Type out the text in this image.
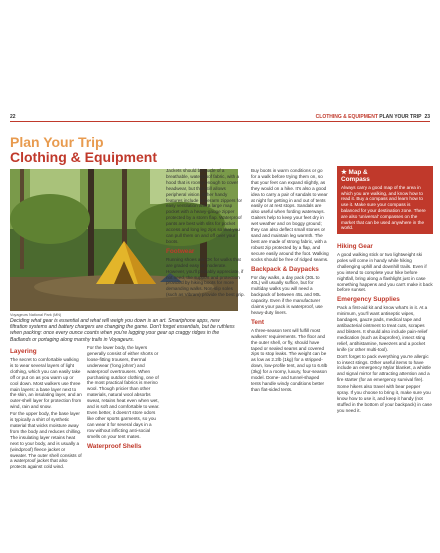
22	CLOTHING & EQUIPMENT PLAN YOUR TRIP 23
Plan Your Trip
Clothing & Equipment
Voyageurs National Park (MN)
Deciding what gear is essential and what will weigh you down is an art. Smartphone apps, new filtration systems and battery chargers are changing the game. Don't forget essentials, but be ruthless when packing: once every ounce counts when you're lugging your gear up craggy ridges in the Badlands or portaging along marshy trails in Voyageurs.
Layering

The secret to comfortable walking is to wear several layers of light clothing, which you can easily take off or put on as you warm up or cool down. Most walkers use three main layers: a base layer next to the skin, an insulating layer, and an outer-shell layer for protection from wind, rain and snow.

For the upper body, the base layer is typically a shirt of synthetic material that wicks moisture away from the body and reduces chilling. The insulating layer retains heat next to your body, and is usually a (windproof) fleece jacket or sweater. The outer shell consists of a waterproof jacket that also protects against cold wind.

For the lower body, the layers generally consist of either shorts or loose-fitting trousers, thermal underwear ('long johns') and waterproof overtrousers. When purchasing outdoor clothing, one of the most practical fabrics is merino wool. Though pricier than other materials, natural wool absorbs sweat, retains heat even when wet, and is soft and comfortable to wear. Even better, it doesn't store odors like other sports garments, so you can wear it for several days in a row without inflicting anti-social smells on your tent mates.

Waterproof Shells

Jackets should be made of a breathable, waterproof fabric, with a hood that is roomy enough to cover headwear, but that still allows peripheral vision. Other handy features include underarm zippers for easy ventilation and a large map pocket with a heavy-gauge zipper protected by a storm flap. Waterproof pants are best with slits for pocket access and long leg zips so that you can pull them on and off over your boots.

Footwear

Running shoes are OK for walks that are graded easy or moderate. However, you'll probably appreciate, if not need, the support and protection provided by hiking boots for more demanding walks. Non-slip soles (such as Vibram) provide the best grip.

Buy boots in warm conditions or go for a walk before trying them on, so that your feet can expand slightly, as they would on a hike. It's also a good idea to carry a pair of sandals to wear at night for getting in and out of tents easily or at rest stops. Sandals are also useful when fording waterways. Gaiters help to keep your feet dry in wet weather and on boggy ground; they can also deflect small stones or sand and maintain leg warmth. The best are made of strong fabric, with a robust zip protected by a flap, and secure easily around the foot. Walking socks should be free of ridged seams.

Backpack & Daypacks

For day walks, a day pack (30L to 40L) will usually suffice, but for multiday walks you will need a backpack of between 45L and 90L capacity. Even if the manufacturer claims your pack is waterproof, use heavy-duty liners.

Tent

A three-season tent will fulfill most walkers' requirements. The floor and the outer shell, or fly, should have taped or sealed seams and covered zips to stop leaks. The weight can be as low as 2.2lb (1kg) for a stripped-down, low-profile tent, and up to 6.6lb (3kg) for a roomy, luxury, four-season model. Dome- and tunnel-shaped tents handle windy conditions better than flat-sided tents.

★ Map &
Compass
Always carry a good map of the area in which you are walking, and know how to read it. Buy a compass and learn how to use it. Make sure your compass is balanced for your destination zone. There are also 'universal' compasses on the market that can be used anywhere in the world.
Hiking Gear

A good walking stick or two lightweight ski poles will come in handy while hiking challenging uphill and downhill trails. Even if you intend to complete your hike before nightfall, bring along a flashlight just in case something happens and you can't make it back before sunset.

Emergency Supplies

Pack a first-aid kit and know what's in it. At a minimum, you'll want antiseptic wipes, bandages, gauze pads, medical tape and antibacterial ointment to treat cuts, scrapes and blisters. It should also include pain-relief medication (such as ibuprofen), insect sting relief, antihistamine, tweezers and a pocket knife (or other multi-tool).

Don't forget to pack everything you're allergic to insect stings. Other useful items to have include an emergency Mylar blanket, a whistle and signal mirror for attracting attention and a fire starter (for an emergency survival fire).

Some hikers also travel with bear pepper spray. If you choose to bring it, make sure you know how to use it, and keep it handy (not stuffed in the bottom of your backpack) in case you need it.
